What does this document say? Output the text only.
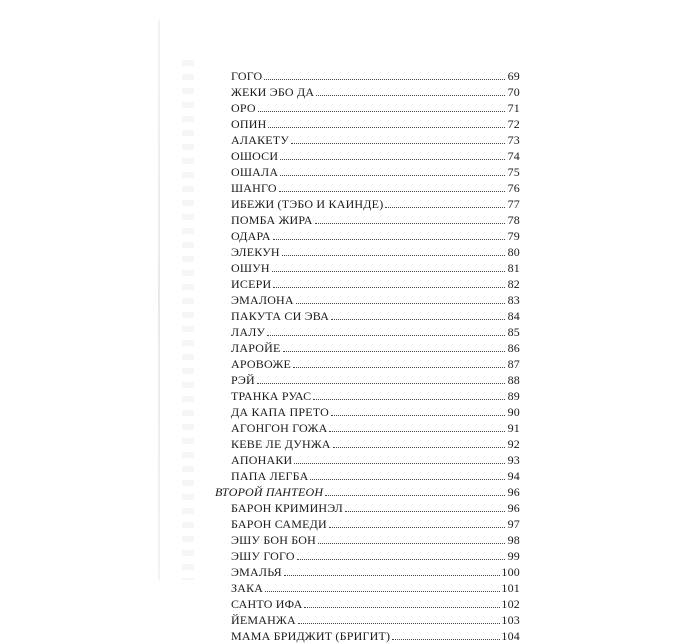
ГОГО	69
ЖЕКИ ЭБО ДА	70
ОРО	71
ОПИН	72
АЛАКЕТУ	73
ОШОСИ	74
ОШАЛА	75
ШАНГО	76
ИБЕЖИ (ТЭБО И КАИНДЕ)	77
ПОМБА ЖИРА	78
ОДАРА	79
ЭЛЕКУН	80
ОШУН	81
ИСЕРИ	82
ЭМАЛОНА	83
ПАКУТА СИ ЭВА	84
ЛАЛУ	85
ЛАРОЙЕ	86
АРОВОЖЕ	87
РЭЙ	88
ТРАНКА РУАС	89
ДА КАПА ПРЕТО	90
АГОНГОН ГОЖА	91
КЕВЕ ЛЕ ДУНЖА	92
АПОНАКИ	93
ПАПА ЛЕГБА	94
ВТОРОЙ ПАНТЕОН	96
БАРОН КРИМИНЭЛ	96
БАРОН САМЕДИ	97
ЭШУ БОН БОН	98
ЭШУ ГОГО	99
ЭМАЛЬЯ	100
ЗАКА	101
САНТО ИФА	102
ЙЕМАНЖА	103
МАМА БРИДЖИТ (БРИГИТ)	104
